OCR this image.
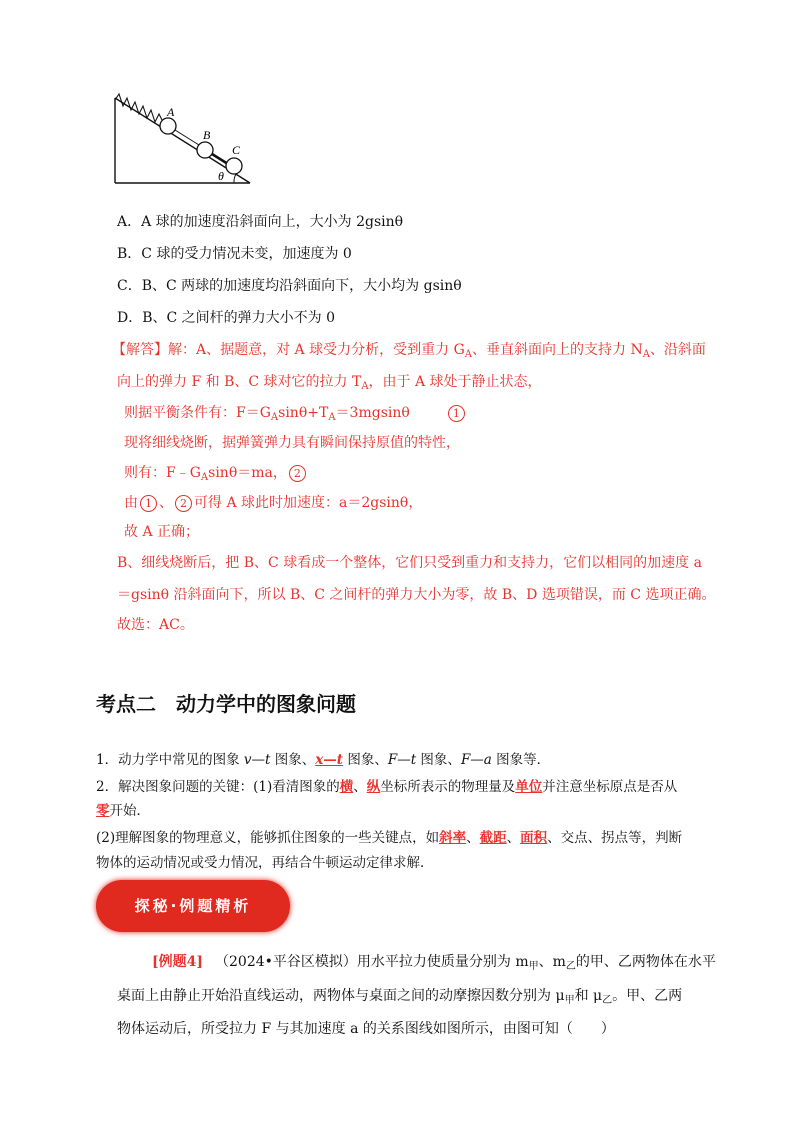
A
B
C
θ
A．A 球的加速度沿斜面向上，大小为 2gsinθ
B．C 球的受力情况未变，加速度为 0
C．B、C 两球的加速度均沿斜面向下，大小均为 gsinθ
D．B、C 之间杆的弹力大小不为 0
【解答】解：A、据题意，对 A 球受力分析，受到重力 $G_A$、垂直斜面向上的支持力 $N_A$、沿斜面
向上的弹力 F 和 B、C 球对它的拉力 $T_A$，由于 A 球处于静止状态，
则据平衡条件有：$F=G_A\sin\theta+T_A=3mgsin\theta$	1
现将细线烧断，据弹簧弹力具有瞬间保持原值的特性，
则有：$F﹣G_A\sin\theta=ma$， 2
由 1 、 2 可得 A 球此时加速度：a＝2gsinθ，
故 A 正确；
B、细线烧断后，把 B、C 球看成一个整体，它们只受到重力和支持力，它们以相同的加速度 a
＝gsinθ 沿斜面向下，所以 B、C 之间杆的弹力大小为零，故 B、D 选项错误，而 C 选项正确。
故选：AC。
考点二　动力学中的图象问题
1．动力学中常见的图象 v—t 图象、x—t 图象、F—t 图象、F—a 图象等．
2．解决图象问题的关键：(1)看清图象的横、纵坐标所表示的物理量及单位并注意坐标原点是否从
零开始．
(2)理解图象的物理意义，能够抓住图象的一些关键点，如斜率、截距、面积、交点、拐点等，判断
物体的运动情况或受力情况，再结合牛顿运动定律求解．
探秘·例题精析
[例题4] （2024•平谷区模拟）用水平拉力使质量分别为 $m_甲$、$m_乙$的甲、乙两物体在水平
桌面上由静止开始沿直线运动，两物体与桌面之间的动摩擦因数分别为 $\mu_甲$和 $\mu_乙$。甲、乙两
物体运动后，所受拉力 F 与其加速度 a 的关系图线如图所示，由图可知（　　）
